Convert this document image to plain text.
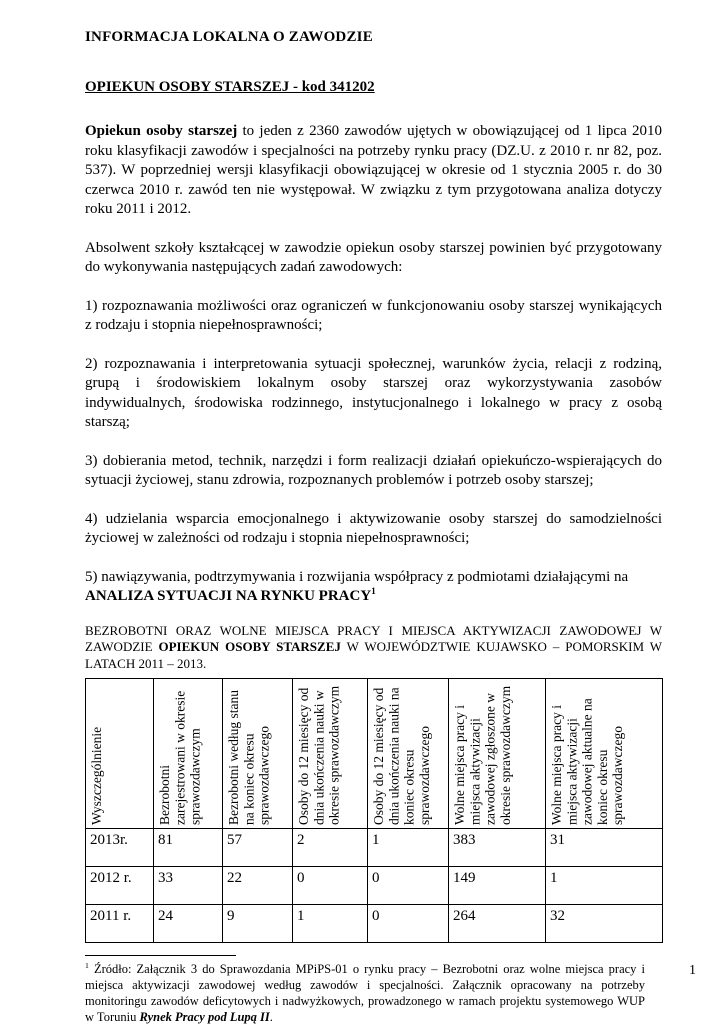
INFORMACJA LOKALNA O ZAWODZIE
OPIEKUN OSOBY STARSZEJ - kod 341202

Opiekun osoby starszej to jeden z 2360 zawodów ujętych w obowiązującej od 1 lipca 2010 roku klasyfikacji zawodów i specjalności na potrzeby rynku pracy (DZ.U. z 2010 r. nr 82, poz. 537). W poprzedniej wersji klasyfikacji obowiązującej w okresie od 1 stycznia 2005 r. do 30 czerwca 2010 r. zawód ten nie występował. W związku z tym przygotowana analiza dotyczy roku 2011 i 2012.

Absolwent szkoły kształcącej w zawodzie opiekun osoby starszej powinien być przygotowany do wykonywania następujących zadań zawodowych:

1) rozpoznawania możliwości oraz ograniczeń w funkcjonowaniu osoby starszej wynikających z rodzaju i stopnia niepełnosprawności;

2) rozpoznawania i interpretowania sytuacji społecznej, warunków życia, relacji z rodziną, grupą i środowiskiem lokalnym osoby starszej oraz wykorzystywania zasobów indywidualnych, środowiska rodzinnego, instytucjonalnego i lokalnego w pracy z osobą starszą;

3) dobierania metod, technik, narzędzi i form realizacji działań opiekuńczo-wspierających do sytuacji życiowej, stanu zdrowia, rozpoznanych problemów i potrzeb osoby starszej;

4) udzielania wsparcia emocjonalnego i aktywizowanie osoby starszej do samodzielności życiowej w zależności od rodzaju i stopnia niepełnosprawności;

5) nawiązywania, podtrzymywania i rozwijania współpracy z podmiotami działającymi na

ANALIZA SYTUACJI NA RYNKU PRACY$^1$

BEZROBOTNI ORAZ WOLNE MIEJSCA PRACY I MIEJSCA AKTYWIZACJI ZAWODOWEJ W ZAWODZIE OPIEKUN OSOBY STARSZEJ W WOJEWÓDZTWIE KUJAWSKO – POMORSKIM W LATACH 2011 – 2013.

Wyszczególnienie	Bezrobotni zarejestrowani w okresie sprawozdawczym	Bezrobotni według stanu na koniec okresu sprawozdawczego	Osoby do 12 miesięcy od dnia ukończenia nauki w okresie sprawozdawczym	Osoby do 12 miesięcy od dnia ukończenia nauki na koniec okresu sprawozdawczego	Wolne miejsca pracy i miejsca aktywizacji zawodowej zgłoszone w okresie sprawozdawczym	Wolne miejsca pracy i miejsca aktywizacji zawodowej aktualne na koniec okresu sprawozdawczego

2013r.	81	57	2	1	383	31
2012 r.	33	22	0	0	149	1
2011 r.	24	9	1	0	264	32

$^1$ Źródło: Załącznik 3 do Sprawozdania MPiPS-01 o rynku pracy – Bezrobotni oraz wolne miejsca pracy i miejsca aktywizacji zawodowej według zawodów i specjalności. Załącznik opracowany na potrzeby monitoringu zawodów deficytowych i nadwyżkowych, prowadzonego w ramach projektu systemowego WUP w Toruniu Rynek Pracy pod Lupą II.

1
